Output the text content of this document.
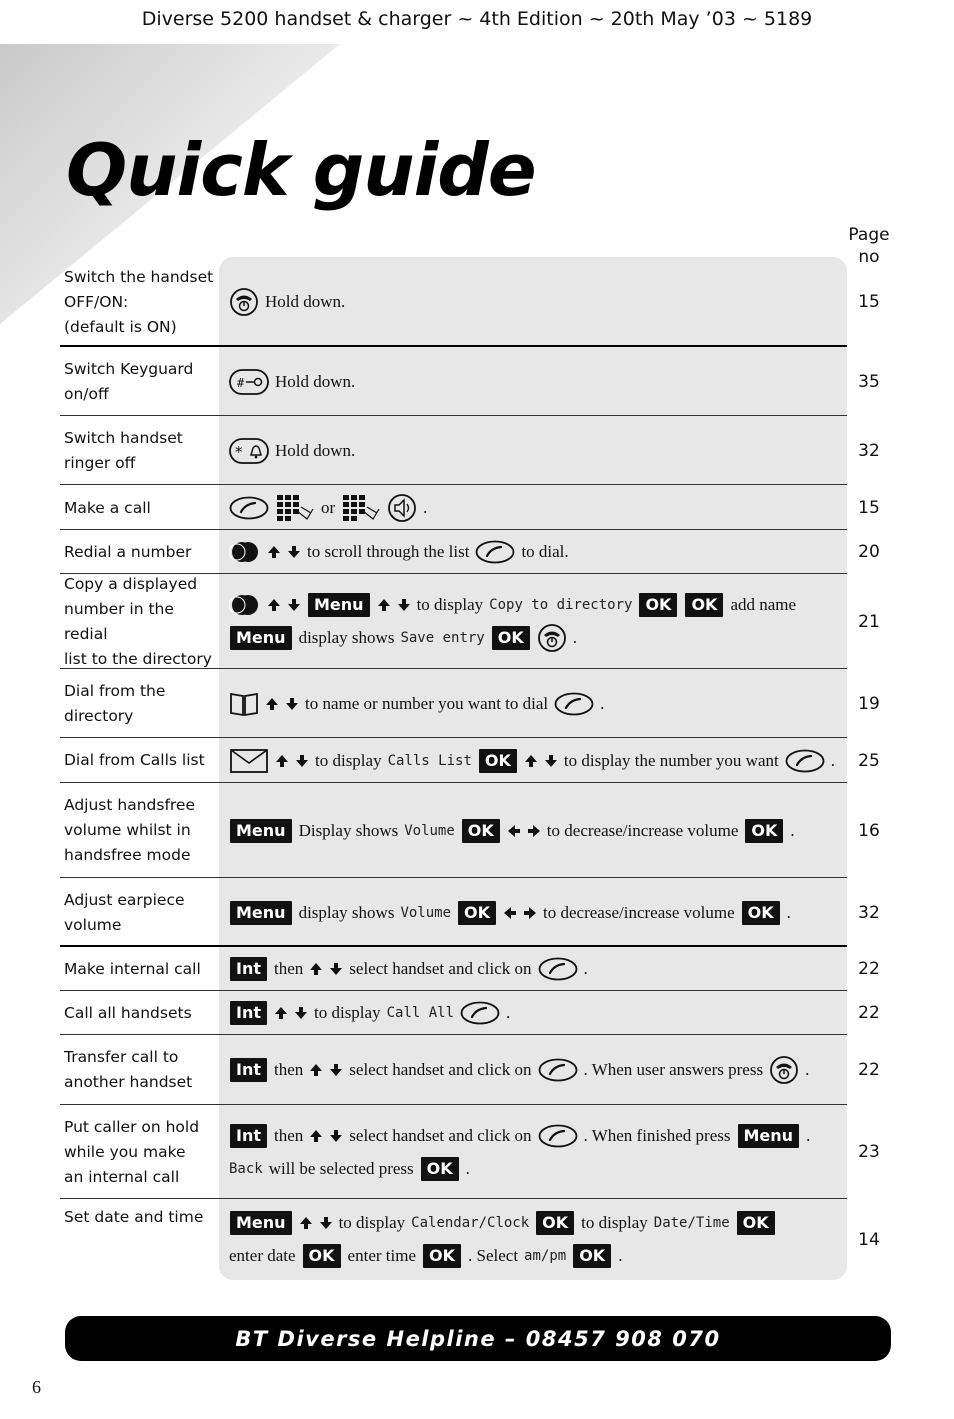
Diverse 5200 handset & charger ~ 4th Edition ~ 20th May ’03 ~ 5189
Quick guide
Page
no
Switch the handset
OFF/ON:
(default is ON)
Hold down.	15
Switch Keyguard
on/off
# Hold down.	35
Switch handset
ringer off
* Hold down.	32
Make a call	or	.	15
Redial a number	to scroll through the list	to dial.	20
Copy a displayed
number in the redial
list to the directory
Menu	to display Copy to directory OK	OK add name
Menu display shows Save entry OK	.
21
Dial from the
directory
to name or number you want to dial	.	19
Dial from Calls list	to display Calls List OK	to display the number you want	.	25
Adjust handsfree
volume whilst in
handsfree mode
Menu Display shows Volume OK	to decrease/increase volume OK .	16
Adjust earpiece
volume
Menu display shows Volume OK	to decrease/increase volume OK .	32
Make internal call	Int then	select handset and click on	.	22
Call all handsets	Int	to display Call All	.	22
Transfer call to
another handset
Int then	select handset and click on	. When user answers press .	22
Put caller on hold
while you make
an internal call
Int then	select handset and click on	. When finished press Menu .
Back will be selected press OK .
23
Set date and time	Menu	to display Calendar/Clock OK to display Date/Time OK
enter date OK enter time OK . Select am/pm OK .
14
BT Diverse Helpline – 08457 908 070
6
